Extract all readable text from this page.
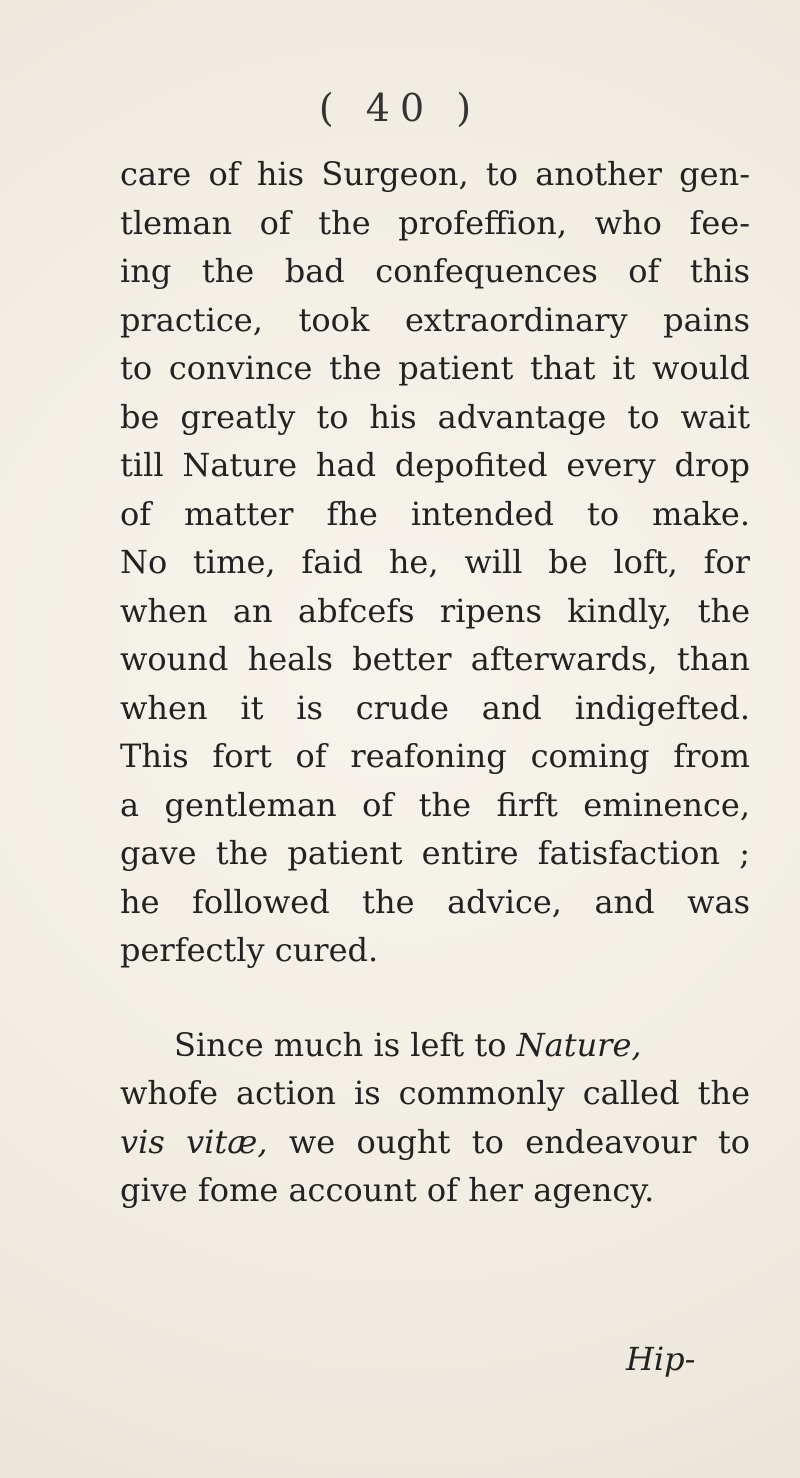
( 40 )
care of his Surgeon, to another gen-
tleman of the profeffion, who fee-
ing the bad confequences of this
practice, took extraordinary pains
to convince the patient that it would
be greatly to his advantage to wait
till Nature had depofited every drop
of matter fhe intended to make.
No time, faid he, will be loft, for
when an abfcefs ripens kindly, the
wound heals better afterwards, than
when it is crude and indigefted.
This fort of reafoning coming from
a gentleman of the firft eminence,
gave the patient entire fatisfaction ;
he followed the advice, and was
perfectly cured.
Since much is left to Nature,
whofe action is commonly called the
vis vitæ, we ought to endeavour to
give fome account of her agency.
Hip-
